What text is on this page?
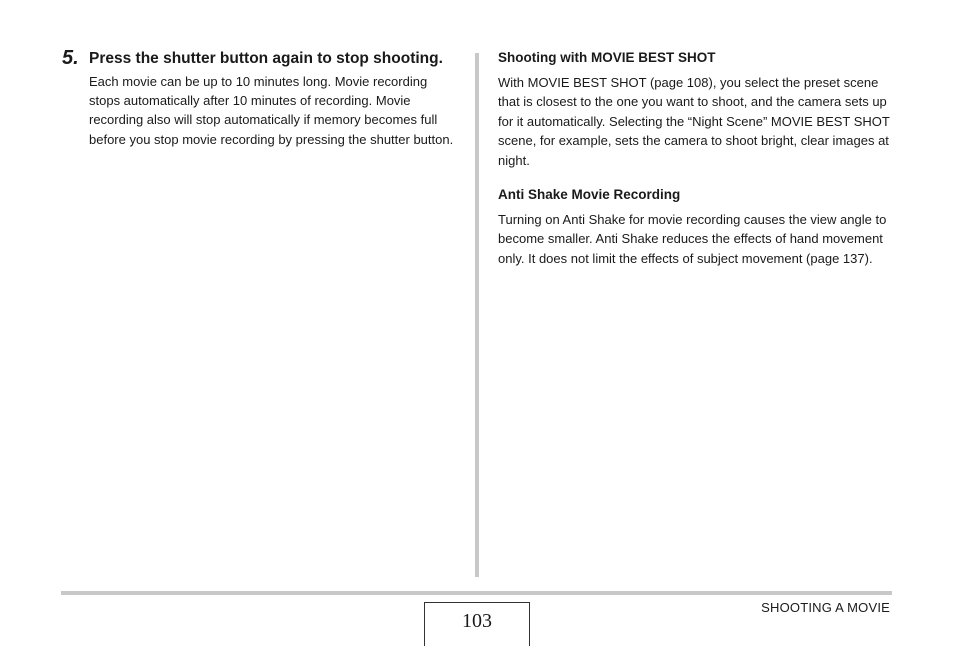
5. Press the shutter button again to stop shooting.

Each movie can be up to 10 minutes long. Movie recording stops automatically after 10 minutes of recording. Movie recording also will stop automatically if memory becomes full before you stop movie recording by pressing the shutter button.

Shooting with MOVIE BEST SHOT

With MOVIE BEST SHOT (page 108), you select the preset scene that is closest to the one you want to shoot, and the camera sets up for it automatically. Selecting the “Night Scene” MOVIE BEST SHOT scene, for example, sets the camera to shoot bright, clear images at night.

Anti Shake Movie Recording

Turning on Anti Shake for movie recording causes the view angle to become smaller. Anti Shake reduces the effects of hand movement only. It does not limit the effects of subject movement (page 137).

103
SHOOTING A MOVIE
